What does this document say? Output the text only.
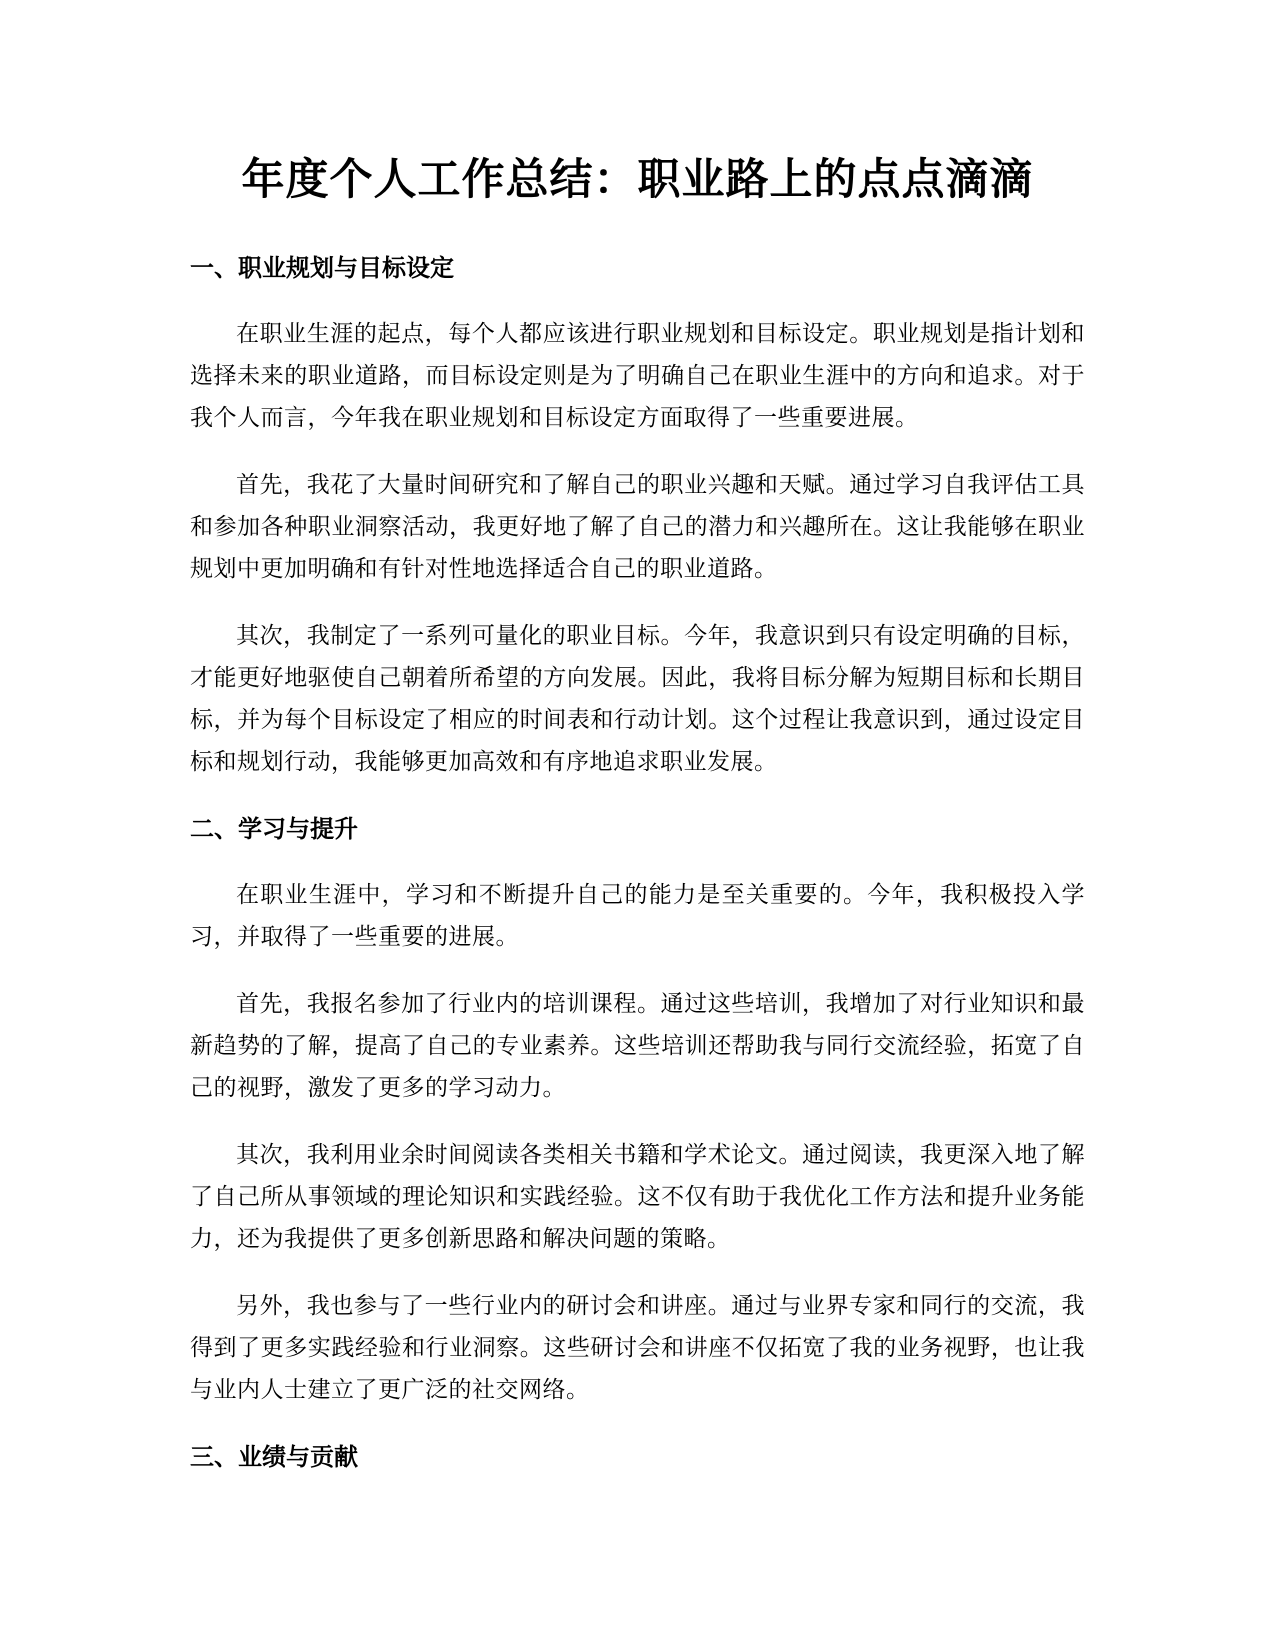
年度个人工作总结：职业路上的点点滴滴
一、职业规划与目标设定

在职业生涯的起点，每个人都应该进行职业规划和目标设定。职业规划是指计划和选择未来的职业道路，而目标设定则是为了明确自己在职业生涯中的方向和追求。对于我个人而言，今年我在职业规划和目标设定方面取得了一些重要进展。

首先，我花了大量时间研究和了解自己的职业兴趣和天赋。通过学习自我评估工具和参加各种职业洞察活动，我更好地了解了自己的潜力和兴趣所在。这让我能够在职业规划中更加明确和有针对性地选择适合自己的职业道路。

其次，我制定了一系列可量化的职业目标。今年，我意识到只有设定明确的目标，才能更好地驱使自己朝着所希望的方向发展。因此，我将目标分解为短期目标和长期目标，并为每个目标设定了相应的时间表和行动计划。这个过程让我意识到，通过设定目标和规划行动，我能够更加高效和有序地追求职业发展。

二、学习与提升

在职业生涯中，学习和不断提升自己的能力是至关重要的。今年，我积极投入学习，并取得了一些重要的进展。

首先，我报名参加了行业内的培训课程。通过这些培训，我增加了对行业知识和最新趋势的了解，提高了自己的专业素养。这些培训还帮助我与同行交流经验，拓宽了自己的视野，激发了更多的学习动力。

其次，我利用业余时间阅读各类相关书籍和学术论文。通过阅读，我更深入地了解了自己所从事领域的理论知识和实践经验。这不仅有助于我优化工作方法和提升业务能力，还为我提供了更多创新思路和解决问题的策略。

另外，我也参与了一些行业内的研讨会和讲座。通过与业界专家和同行的交流，我得到了更多实践经验和行业洞察。这些研讨会和讲座不仅拓宽了我的业务视野，也让我与业内人士建立了更广泛的社交网络。

三、业绩与贡献
